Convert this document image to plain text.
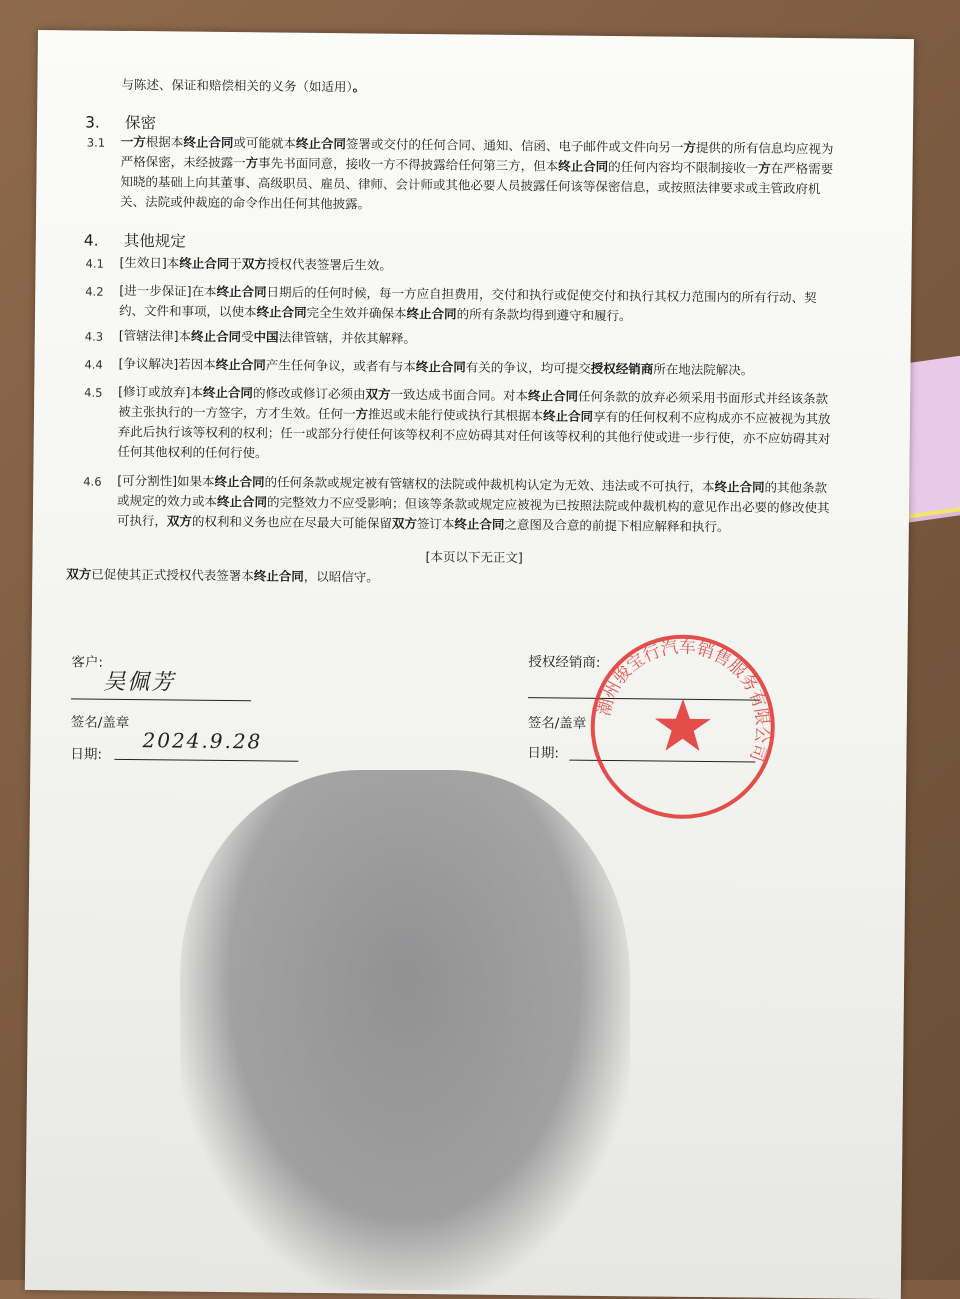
与陈述、保证和赔偿相关的义务（如适用）。
3. 保密
3.1 一方根据本终止合同或可能就本终止合同签署或交付的任何合同、通知、信函、电子邮件或文件向另一方提供的所有信息均应视为

严格保密，未经披露一方事先书面同意，接收一方不得披露给任何第三方，但本终止合同的任何内容均不限制接收一方在严格需要

知晓的基础上向其董事、高级职员、雇员、律师、会计师或其他必要人员披露任何该等保密信息，或按照法律要求或主管政府机

关、法院或仲裁庭的命令作出任何其他披露。

4. 其他规定
4.1 [生效日]本终止合同于双方授权代表签署后生效。

4.2 [进一步保证]在本终止合同日期后的任何时候，每一方应自担费用，交付和执行或促使交付和执行其权力范围内的所有行动、契

约、文件和事项，以使本终止合同完全生效并确保本终止合同的所有条款均得到遵守和履行。

4.3 [管辖法律]本终止合同受中国法律管辖，并依其解释。

4.4 [争议解决]若因本终止合同产生任何争议，或者有与本终止合同有关的争议，均可提交授权经销商所在地法院解决。

4.5 [修订或放弃]本终止合同的修改或修订必须由双方一致达成书面合同。对本终止合同任何条款的放弃必须采用书面形式并经该条款

被主张执行的一方签字，方才生效。任何一方推迟或未能行使或执行其根据本终止合同享有的任何权利不应构成亦不应被视为其放

弃此后执行该等权利的权利；任一或部分行使任何该等权利不应妨碍其对任何该等权利的其他行使或进一步行使，亦不应妨碍其对

任何其他权利的任何行使。

4.6 [可分割性]如果本终止合同的任何条款或规定被有管辖权的法院或仲裁机构认定为无效、违法或不可执行，本终止合同的其他条款

或规定的效力或本终止合同的完整效力不应受影响；但该等条款或规定应被视为已按照法院或仲裁机构的意见作出必要的修改使其

可执行，双方的权利和义务也应在尽最大可能保留双方签订本终止合同之意图及合意的前提下相应解释和执行。

[本页以下无正文]
双方已促使其正式授权代表签署本终止合同，以昭信守。
客户:
吴佩芳
签名/盖章
日期:
2024.9.28
授权经销商:
签名/盖章
日期:
潮州骏宝行汽车销售服务有限公司
